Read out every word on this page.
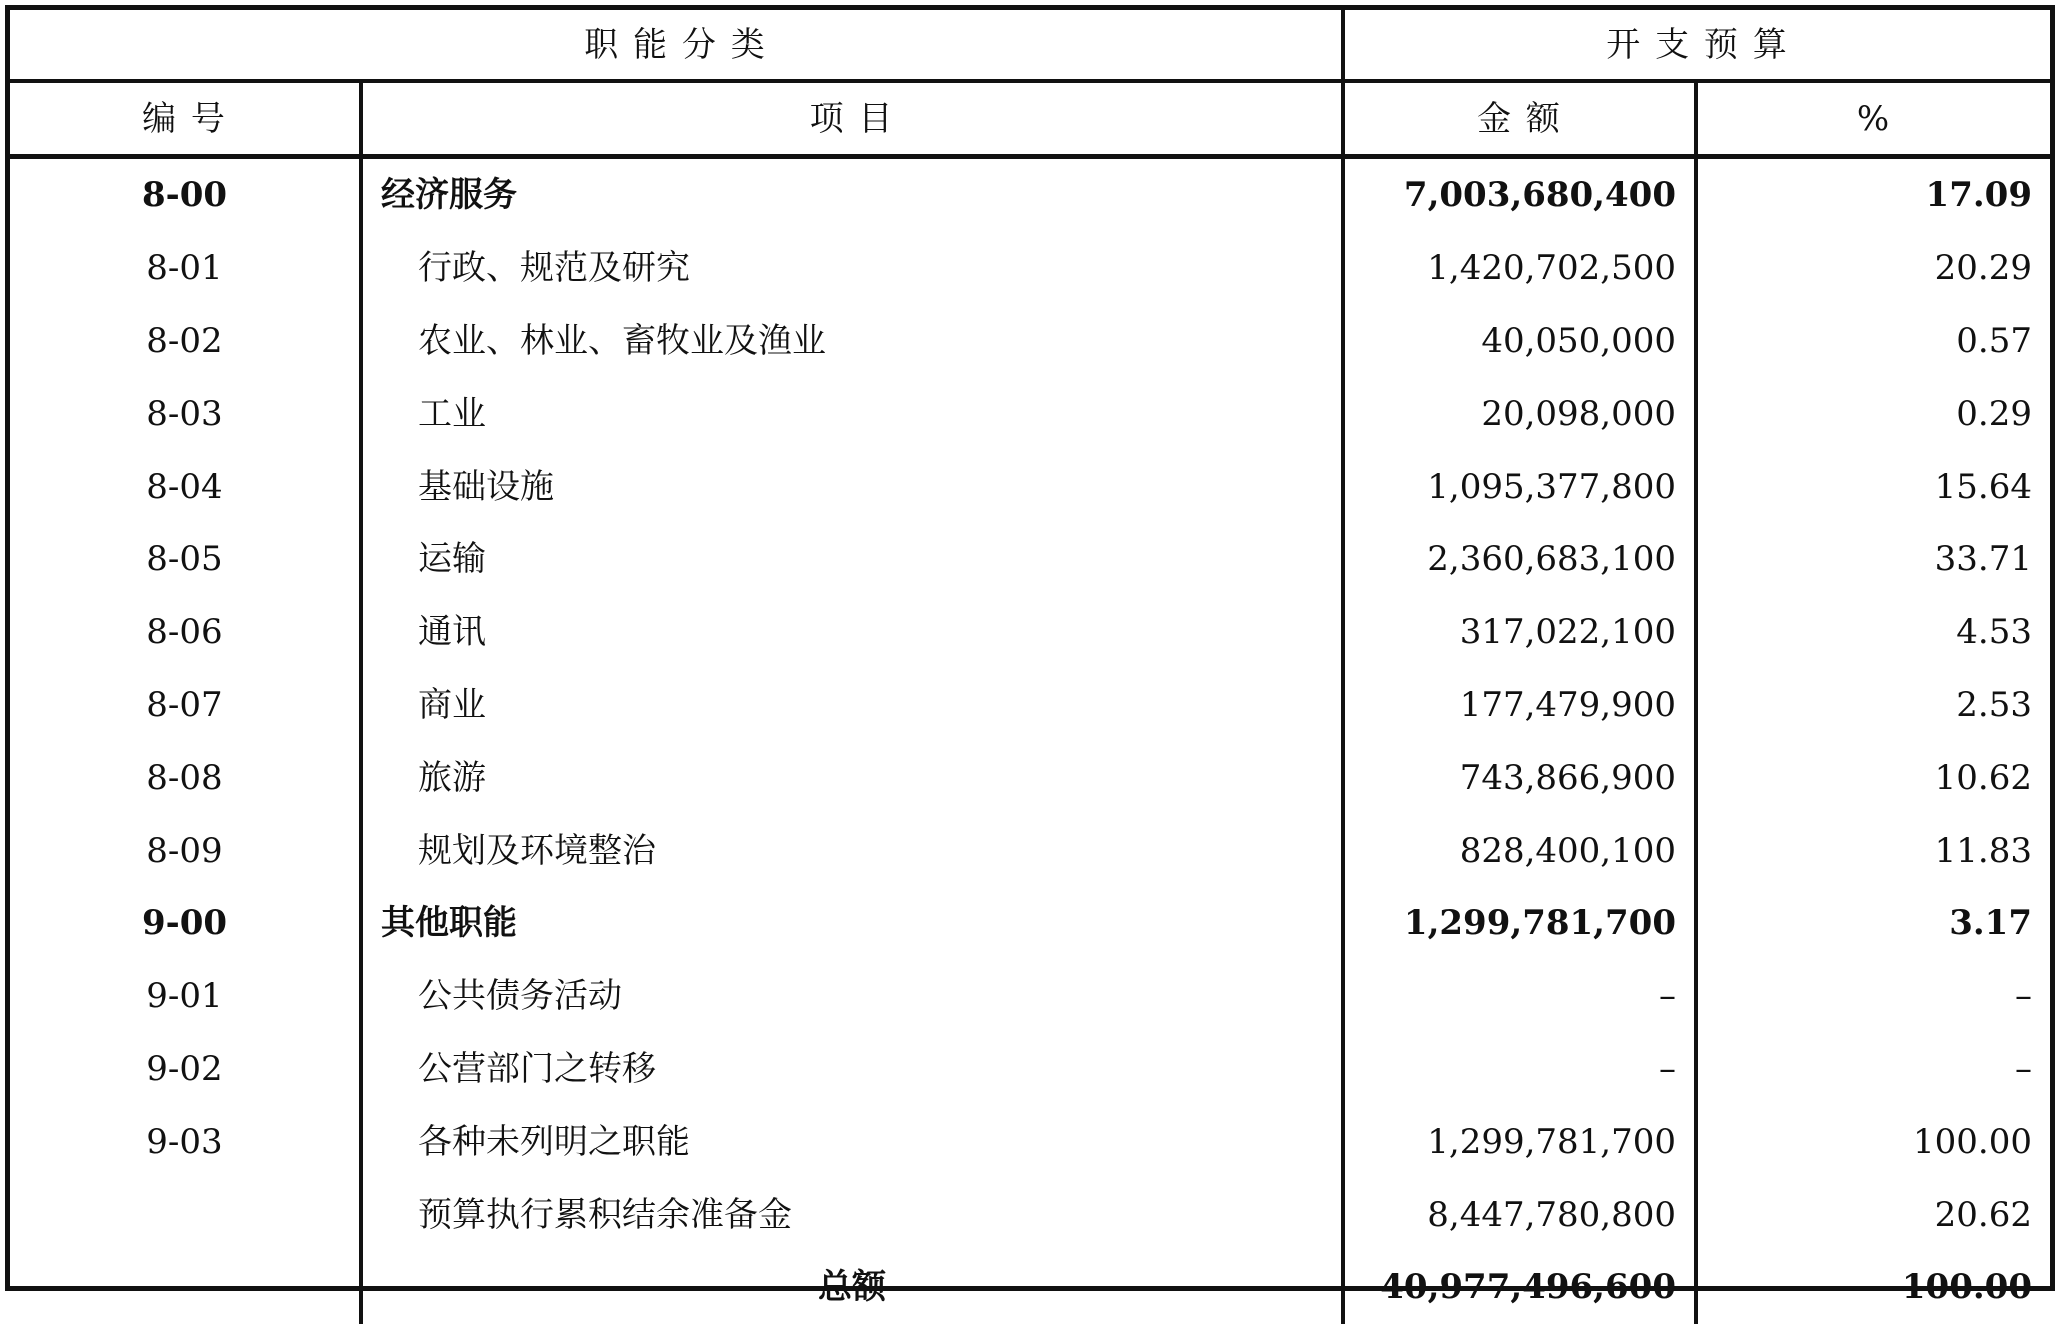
职 能 分 类		开 支 预 算	
编 号	项 目	金 额	%
8-00	经济服务	7,003,680,400	17.09
8-01	行政、规范及研究	1,420,702,500	20.29
8-02	农业、林业、畜牧业及渔业	40,050,000	0.57
8-03	工业	20,098,000	0.29
8-04	基础设施	1,095,377,800	15.64
8-05	运输	2,360,683,100	33.71
8-06	通讯	317,022,100	4.53
8-07	商业	177,479,900	2.53
8-08	旅游	743,866,900	10.62
8-09	规划及环境整治	828,400,100	11.83
9-00	其他职能	1,299,781,700	3.17
9-01	公共债务活动	–	–
9-02	公营部门之转移	–	–
9-03	各种未列明之职能	1,299,781,700	100.00
	预算执行累积结余准备金	8,447,780,800	20.62
	总额	40,977,496,600	100.00
